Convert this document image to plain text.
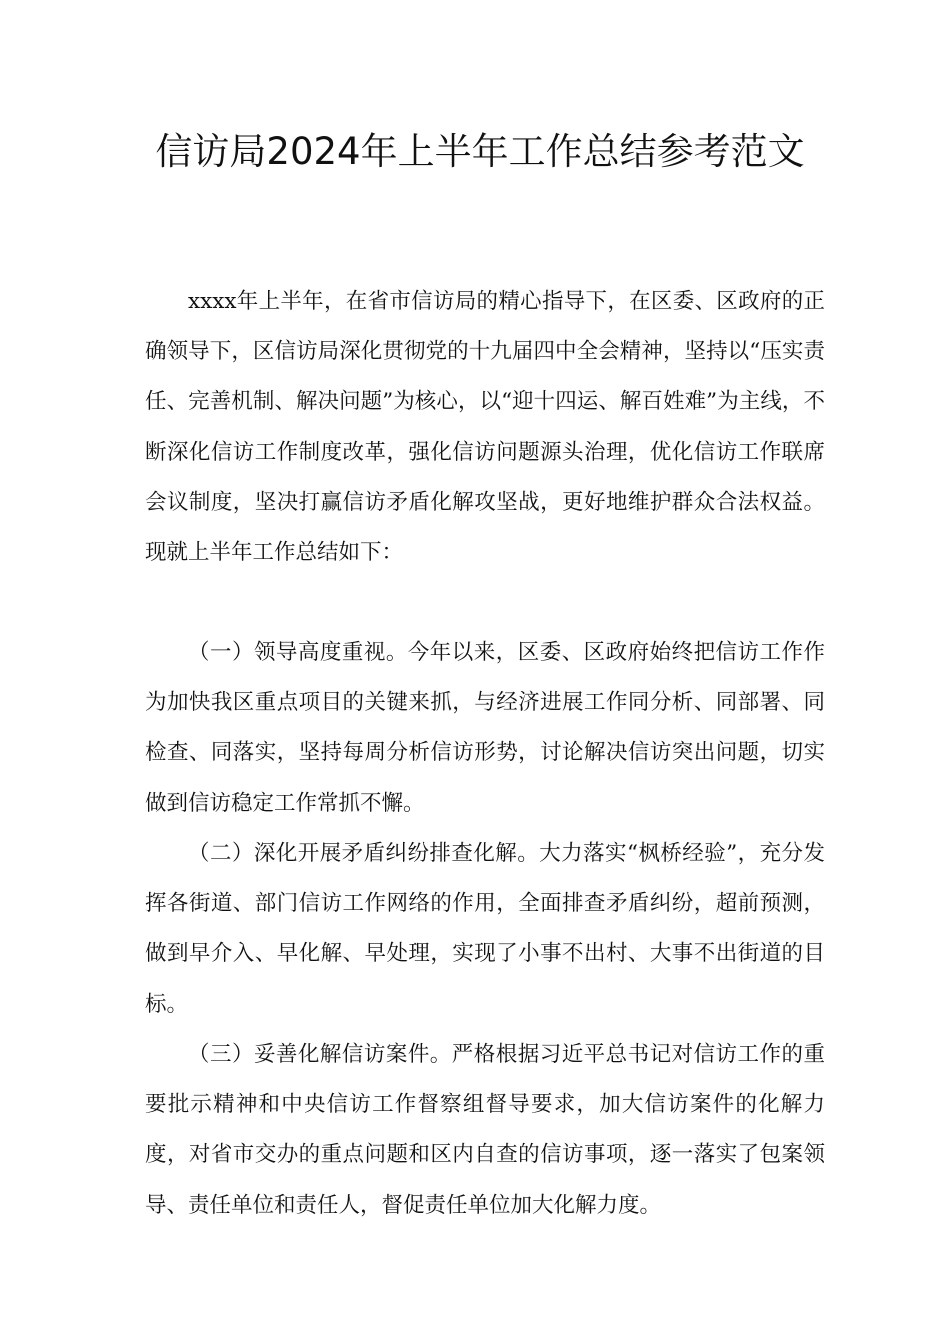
信访局2024年上半年工作总结参考范文

xxxx年上半年，在省市信访局的精心指导下，在区委、区政府的正确领导下，区信访局深化贯彻党的十九届四中全会精神，坚持以“压实责任、完善机制、解决问题”为核心，以“迎十四运、解百姓难”为主线，不断深化信访工作制度改革，强化信访问题源头治理，优化信访工作联席会议制度，坚决打赢信访矛盾化解攻坚战，更好地维护群众合法权益。现就上半年工作总结如下：

（一）领导高度重视。今年以来，区委、区政府始终把信访工作作为加快我区重点项目的关键来抓，与经济进展工作同分析、同部署、同检查、同落实，坚持每周分析信访形势，讨论解决信访突出问题，切实做到信访稳定工作常抓不懈。

（二）深化开展矛盾纠纷排查化解。大力落实“枫桥经验”，充分发挥各街道、部门信访工作网络的作用，全面排查矛盾纠纷，超前预测，做到早介入、早化解、早处理，实现了小事不出村、大事不出街道的目标。

（三）妥善化解信访案件。严格根据习近平总书记对信访工作的重要批示精神和中央信访工作督察组督导要求，加大信访案件的化解力度，对省市交办的重点问题和区内自查的信访事项，逐一落实了包案领导、责任单位和责任人，督促责任单位加大化解力度。
